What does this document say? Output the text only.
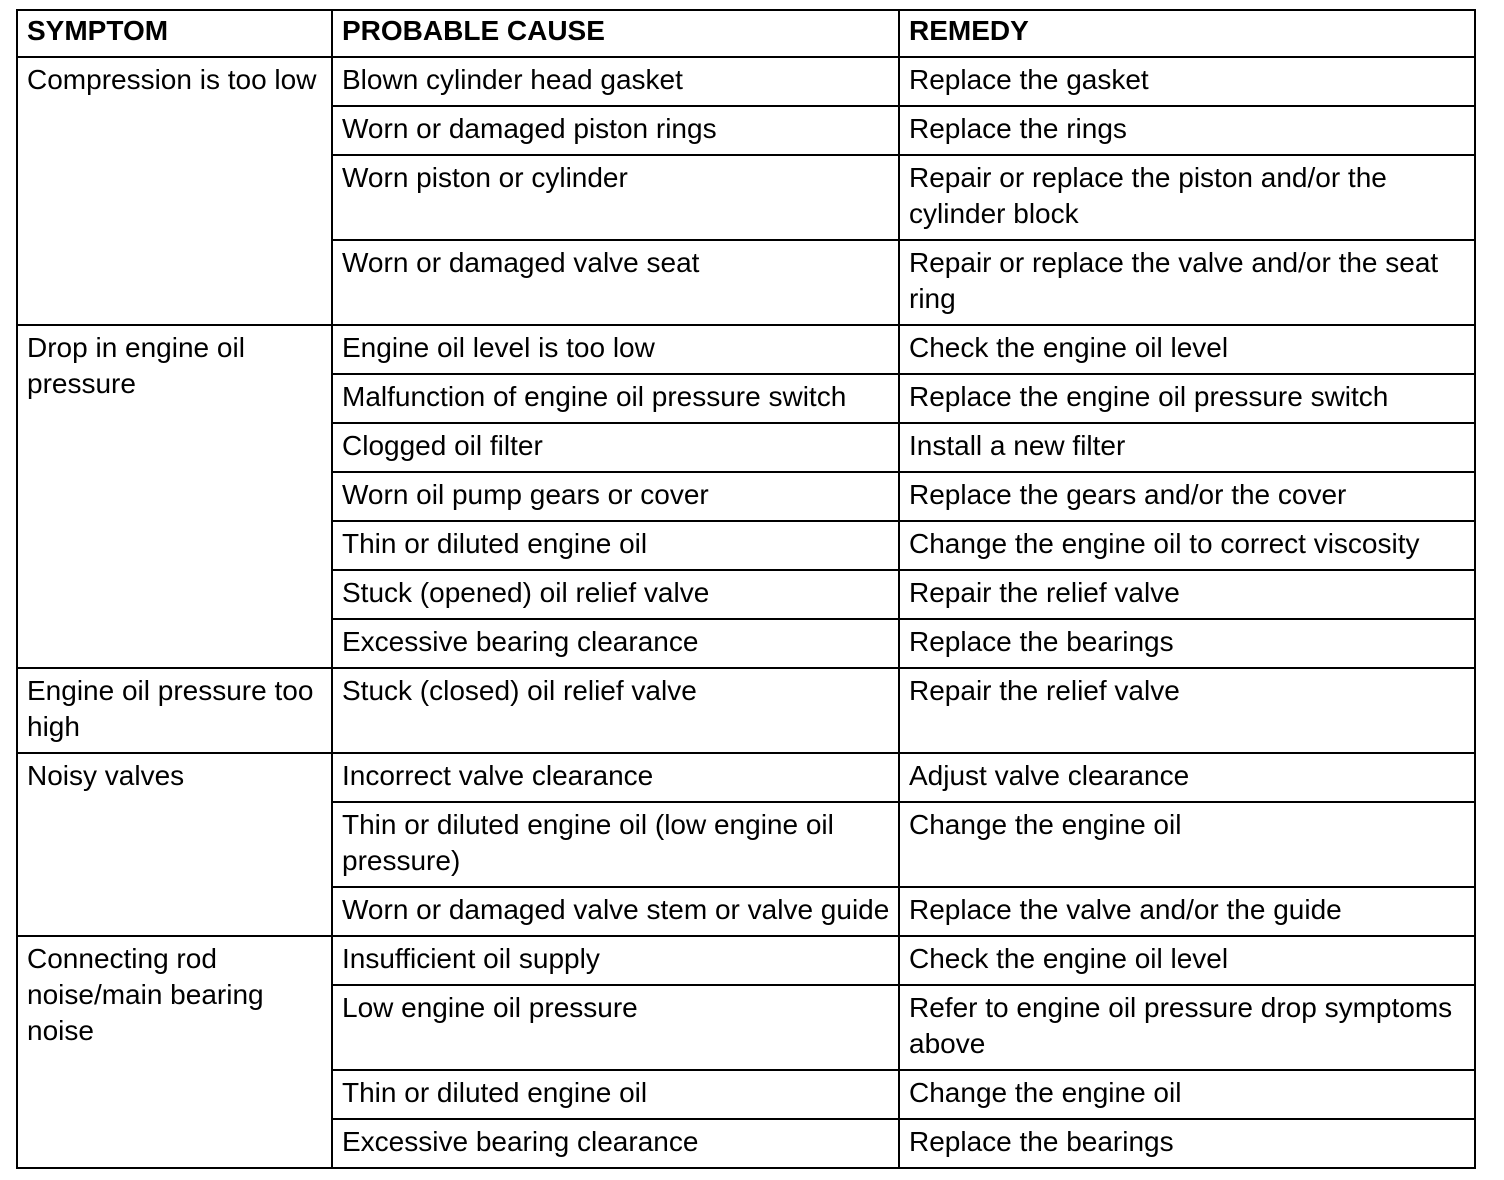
SYMPTOM	PROBABLE CAUSE	REMEDY
Compression is too low	Blown cylinder head gasket	Replace the gasket
	Worn or damaged piston rings	Replace the rings
	Worn piston or cylinder	Repair or replace the piston and/or the cylinder block
	Worn or damaged valve seat	Repair or replace the valve and/or the seat ring
Drop in engine oil pressure	Engine oil level is too low	Check the engine oil level
	Malfunction of engine oil pressure switch	Replace the engine oil pressure switch
	Clogged oil filter	Install a new filter
	Worn oil pump gears or cover	Replace the gears and/or the cover
	Thin or diluted engine oil	Change the engine oil to correct viscosity
	Stuck (opened) oil relief valve	Repair the relief valve
	Excessive bearing clearance	Replace the bearings
Engine oil pressure too high	Stuck (closed) oil relief valve	Repair the relief valve
Noisy valves	Incorrect valve clearance	Adjust valve clearance
	Thin or diluted engine oil (low engine oil pressure)	Change the engine oil
	Worn or damaged valve stem or valve guide	Replace the valve and/or the guide
Connecting rod noise/main bearing noise	Insufficient oil supply	Check the engine oil level
	Low engine oil pressure	Refer to engine oil pressure drop symptoms above
	Thin or diluted engine oil	Change the engine oil
	Excessive bearing clearance	Replace the bearings
